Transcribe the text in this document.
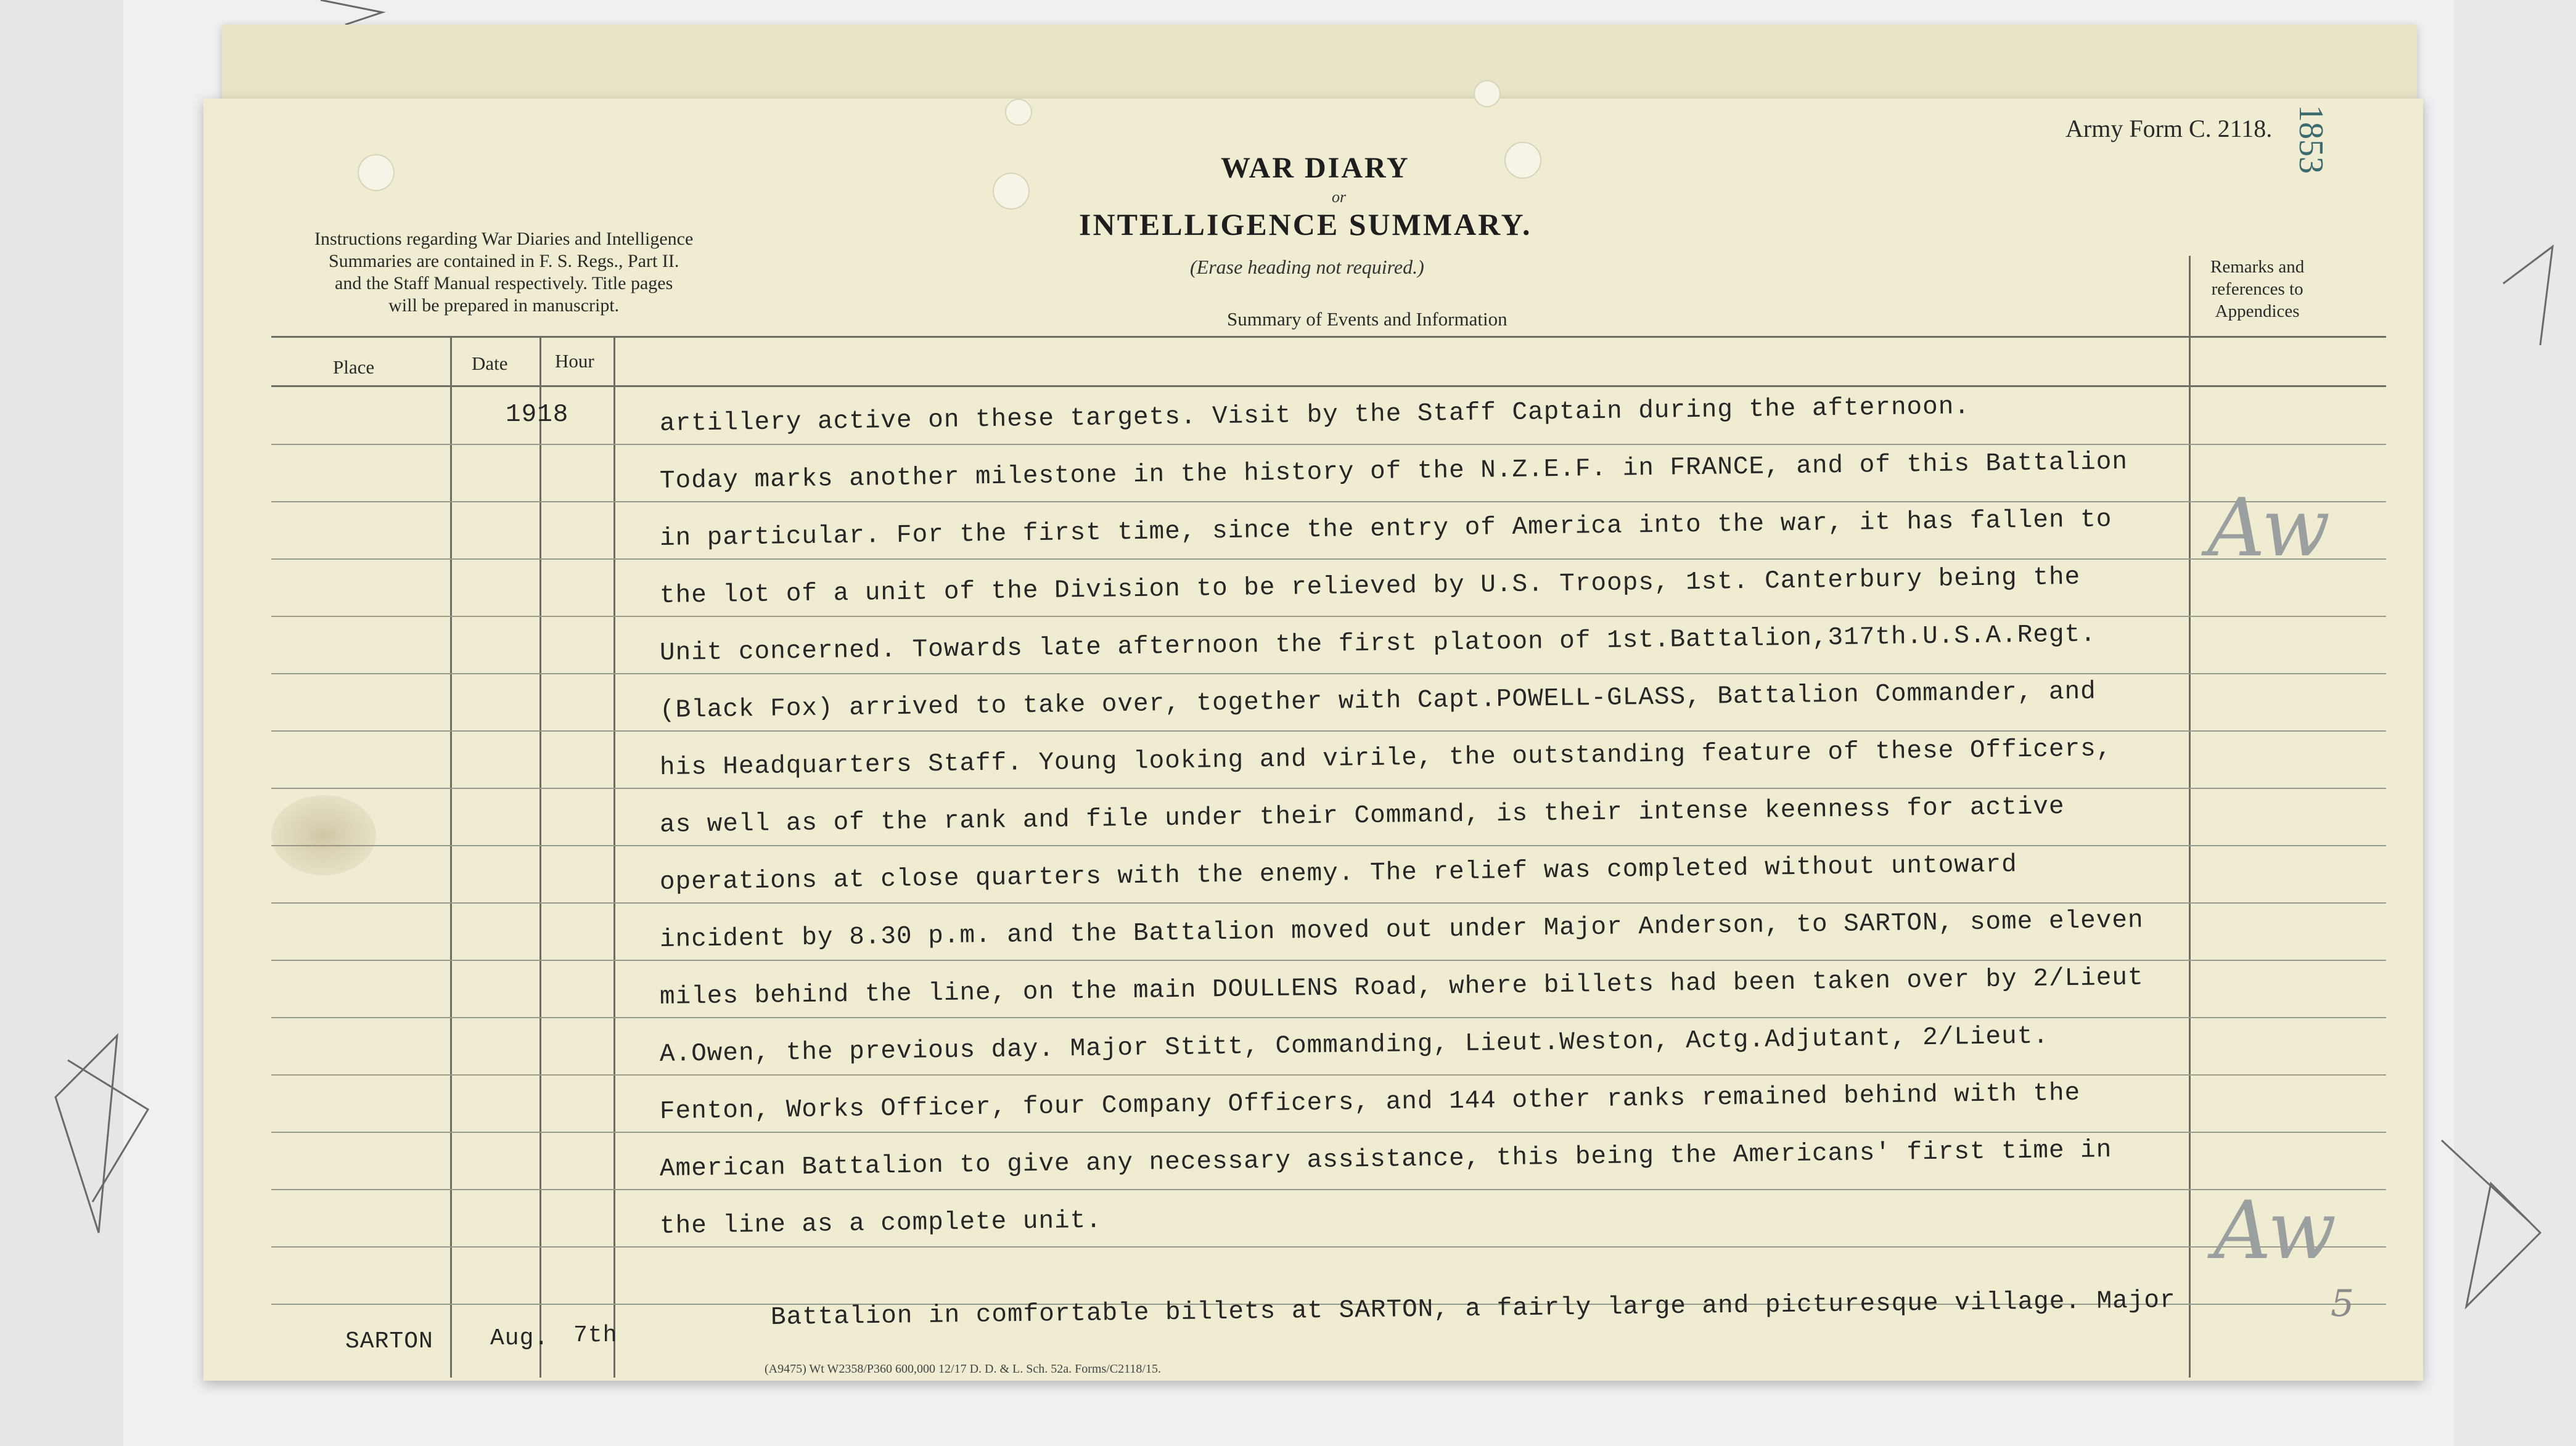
Instructions regarding War Diaries and Intelligence
Summaries are contained in F. S. Regs., Part II.
and the Staff Manual respectively. Title pages
will be prepared in manuscript.
WAR DIARY
or
INTELLIGENCE SUMMARY.
(Erase heading not required.)
Army Form C. 2118. 1853
Place	Date Hour
Summary of Events and Information
Remarks and
references to
Appendices
1918	artillery active on these targets. Visit by the Staff Captain during the afternoon.
Today marks another milestone in the history of the N.Z.E.F. in FRANCE, and of this Battalion
in particular. For the first time, since the entry of America into the war, it has fallen to
the lot of a unit of the Division to be relieved by U.S. Troops, 1st. Canterbury being the
Unit concerned. Towards late afternoon the first platoon of 1st.Battalion,317th.U.S.A.Regt.
(Black Fox) arrived to take over, together with Capt.POWELL-GLASS, Battalion Commander, and
his Headquarters Staff. Young looking and virile, the outstanding feature of these Officers,
as well as of the rank and file under their Command, is their intense keenness for active
operations at close quarters with the enemy. The relief was completed without untoward
incident by 8.30 p.m. and the Battalion moved out under Major Anderson, to SARTON, some eleven
miles behind the line, on the main DOULLENS Road, where billets had been taken over by 2/Lieut
A.Owen, the previous day. Major Stitt, Commanding, Lieut.Weston, Actg.Adjutant, 2/Lieut.
Fenton, Works Officer, four Company Officers, and 144 other ranks remained behind with the
American Battalion to give any necessary assistance, this being the Americans' first time in
the line as a complete unit.
SARTON Aug. 7th
Battalion in comfortable billets at SARTON, a fairly large and picturesque village. Major
(A9475) Wt W2358/P360 600,000 12/17 D. D. & L. Sch. 52a. Forms/C2118/15.
Aw
Aw
5
